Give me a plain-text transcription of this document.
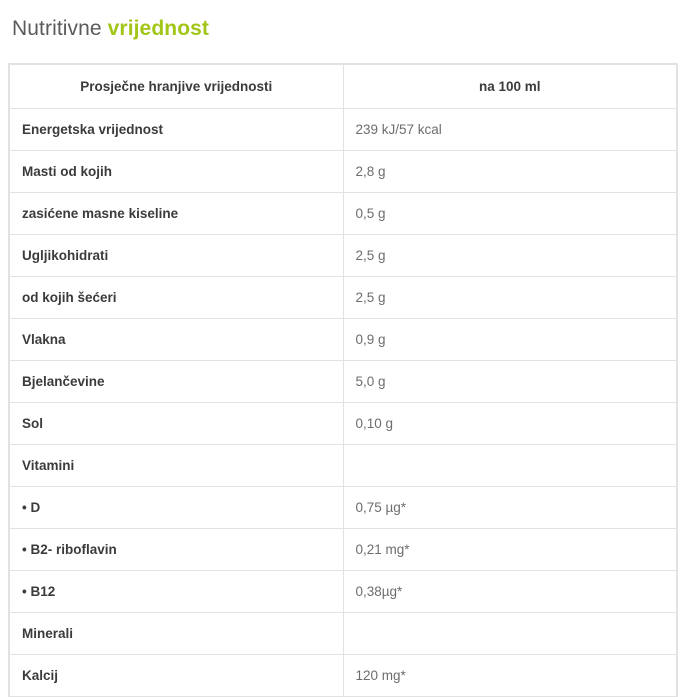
Nutritivne vrijednost
Prosječne hranjive vrijednosti	na 100 ml
Energetska vrijednost	239 kJ/57 kcal
Masti od kojih	2,8 g
zasićene masne kiseline	0,5 g
Ugljikohidrati	2,5 g
od kojih šećeri	2,5 g
Vlakna	0,9 g
Bjelančevine	5,0 g
Sol	0,10 g
Vitamini	
• D	0,75 µg*
• B2- riboflavin	0,21 mg*
• B12	0,38µg*
Minerali	
Kalcij	120 mg*
